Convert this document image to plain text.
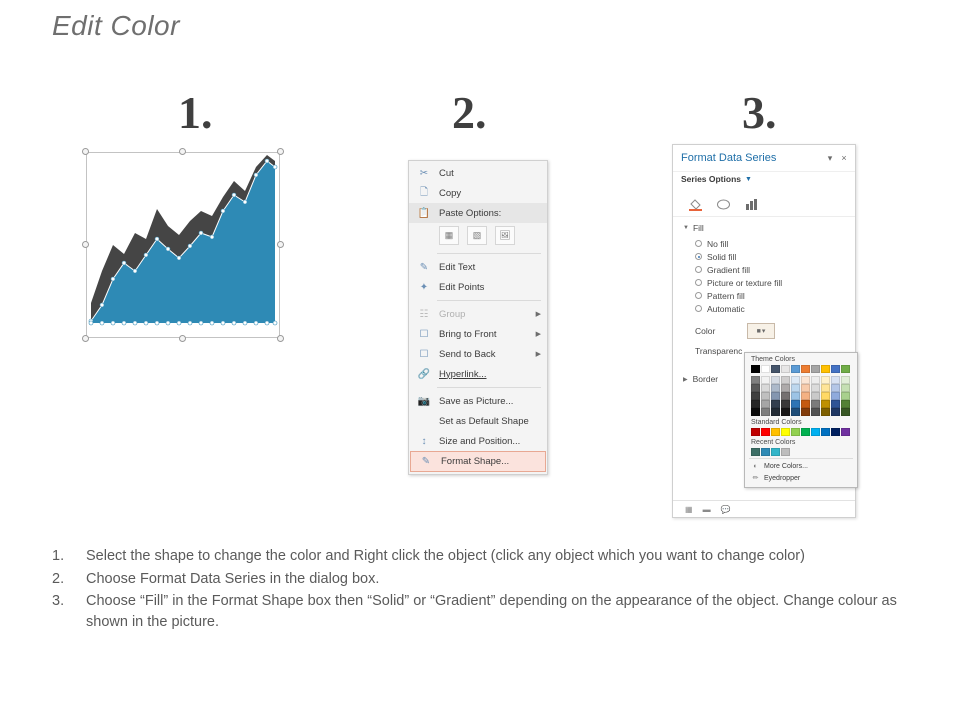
Edit Color
1.	2.	3.
✂ Cut
🗋	Copy
📋 Paste Options:
▦	▧	🖼
✎ Edit Text
✦ Edit Points
☷ Group	▶
☐ Bring to Front	▶
☐ Send to Back	▶
🔗 Hyperlink...
📷 Save as Picture...
Set as Default Shape
↕	Size and Position...
✎ Format Shape...
Format Data Series	▾	×
Series Options ▼
▼ Fill
No fill
Solid fill
Gradient fill
Picture or texture fill
Pattern fill
Automatic
Color	■ ▾
Transparenc
▶ Border
▦ ▬ 💬
Theme Colors
Standard Colors
Recent Colors
◐ More Colors...
✏ Eyedropper
1.	Select the shape to change the color and Right click the object (click any object which you want to change color)
2.	Choose Format Data Series in the dialog box.
3.	Choose “Fill” in the Format Shape box then “Solid” or “Gradient” depending on the appearance of the object. Change colour as shown in the picture.
